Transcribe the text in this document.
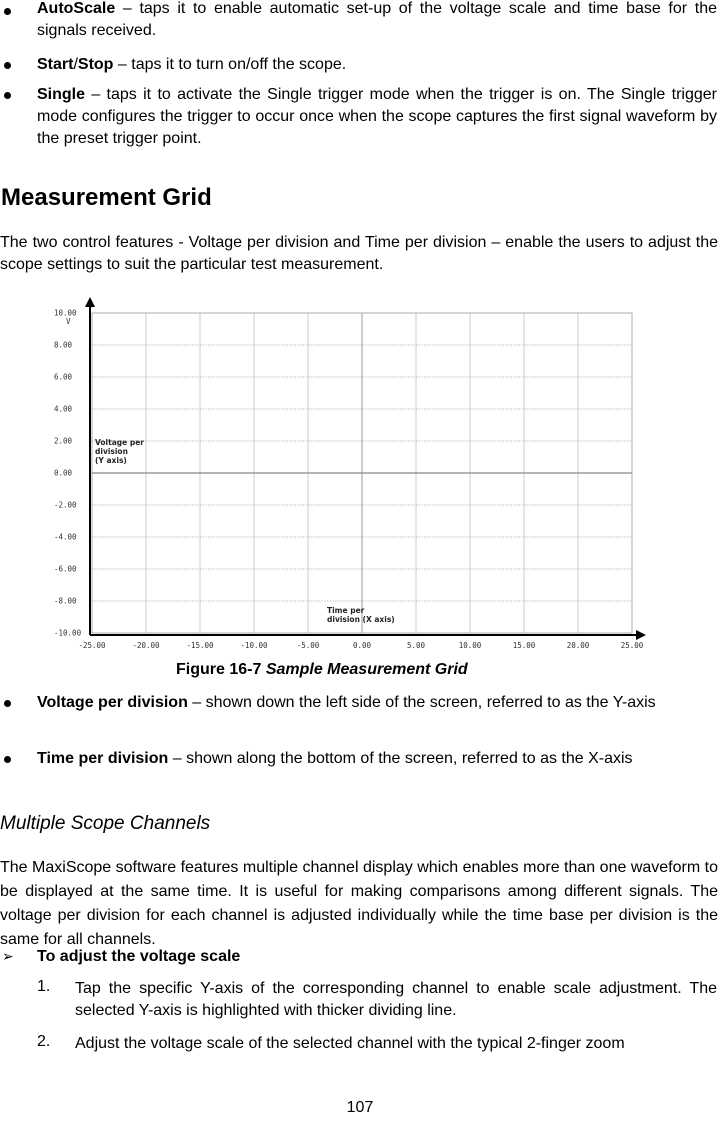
AutoScale – taps it to enable automatic set-up of the voltage scale and time base for the signals received.
Start/Stop – taps it to turn on/off the scope.
Single – taps it to activate the Single trigger mode when the trigger is on. The Single trigger mode configures the trigger to occur once when the scope captures the first signal waveform by the preset trigger point.
Measurement Grid
The two control features - Voltage per division and Time per division – enable the users to adjust the scope settings to suit the particular test measurement.
10.00
8.00
6.00
4.00
2.00
0.00
-2.00
-4.00
-6.00
-8.00
-10.00
V
-25.00	-20.00	-15.00	-10.00	-5.00	0.00	5.00	10.00	15.00	20.00	25.00
Voltage per
division
(Y axis)
Time per
division (X axis)
Figure 16-7 Sample Measurement Grid
Voltage per division – shown down the left side of the screen, referred to as the Y-axis
Time per division – shown along the bottom of the screen, referred to as the X-axis
Multiple Scope Channels
The MaxiScope software features multiple channel display which enables more than one waveform to be displayed at the same time. It is useful for making comparisons among different signals. The voltage per division for each channel is adjusted individually while the time base per division is the same for all channels.
➢ To adjust the voltage scale
1. Tap the specific Y-axis of the corresponding channel to enable scale adjustment. The selected Y-axis is highlighted with thicker dividing line.
2. Adjust the voltage scale of the selected channel with the typical 2-finger zoom
107
